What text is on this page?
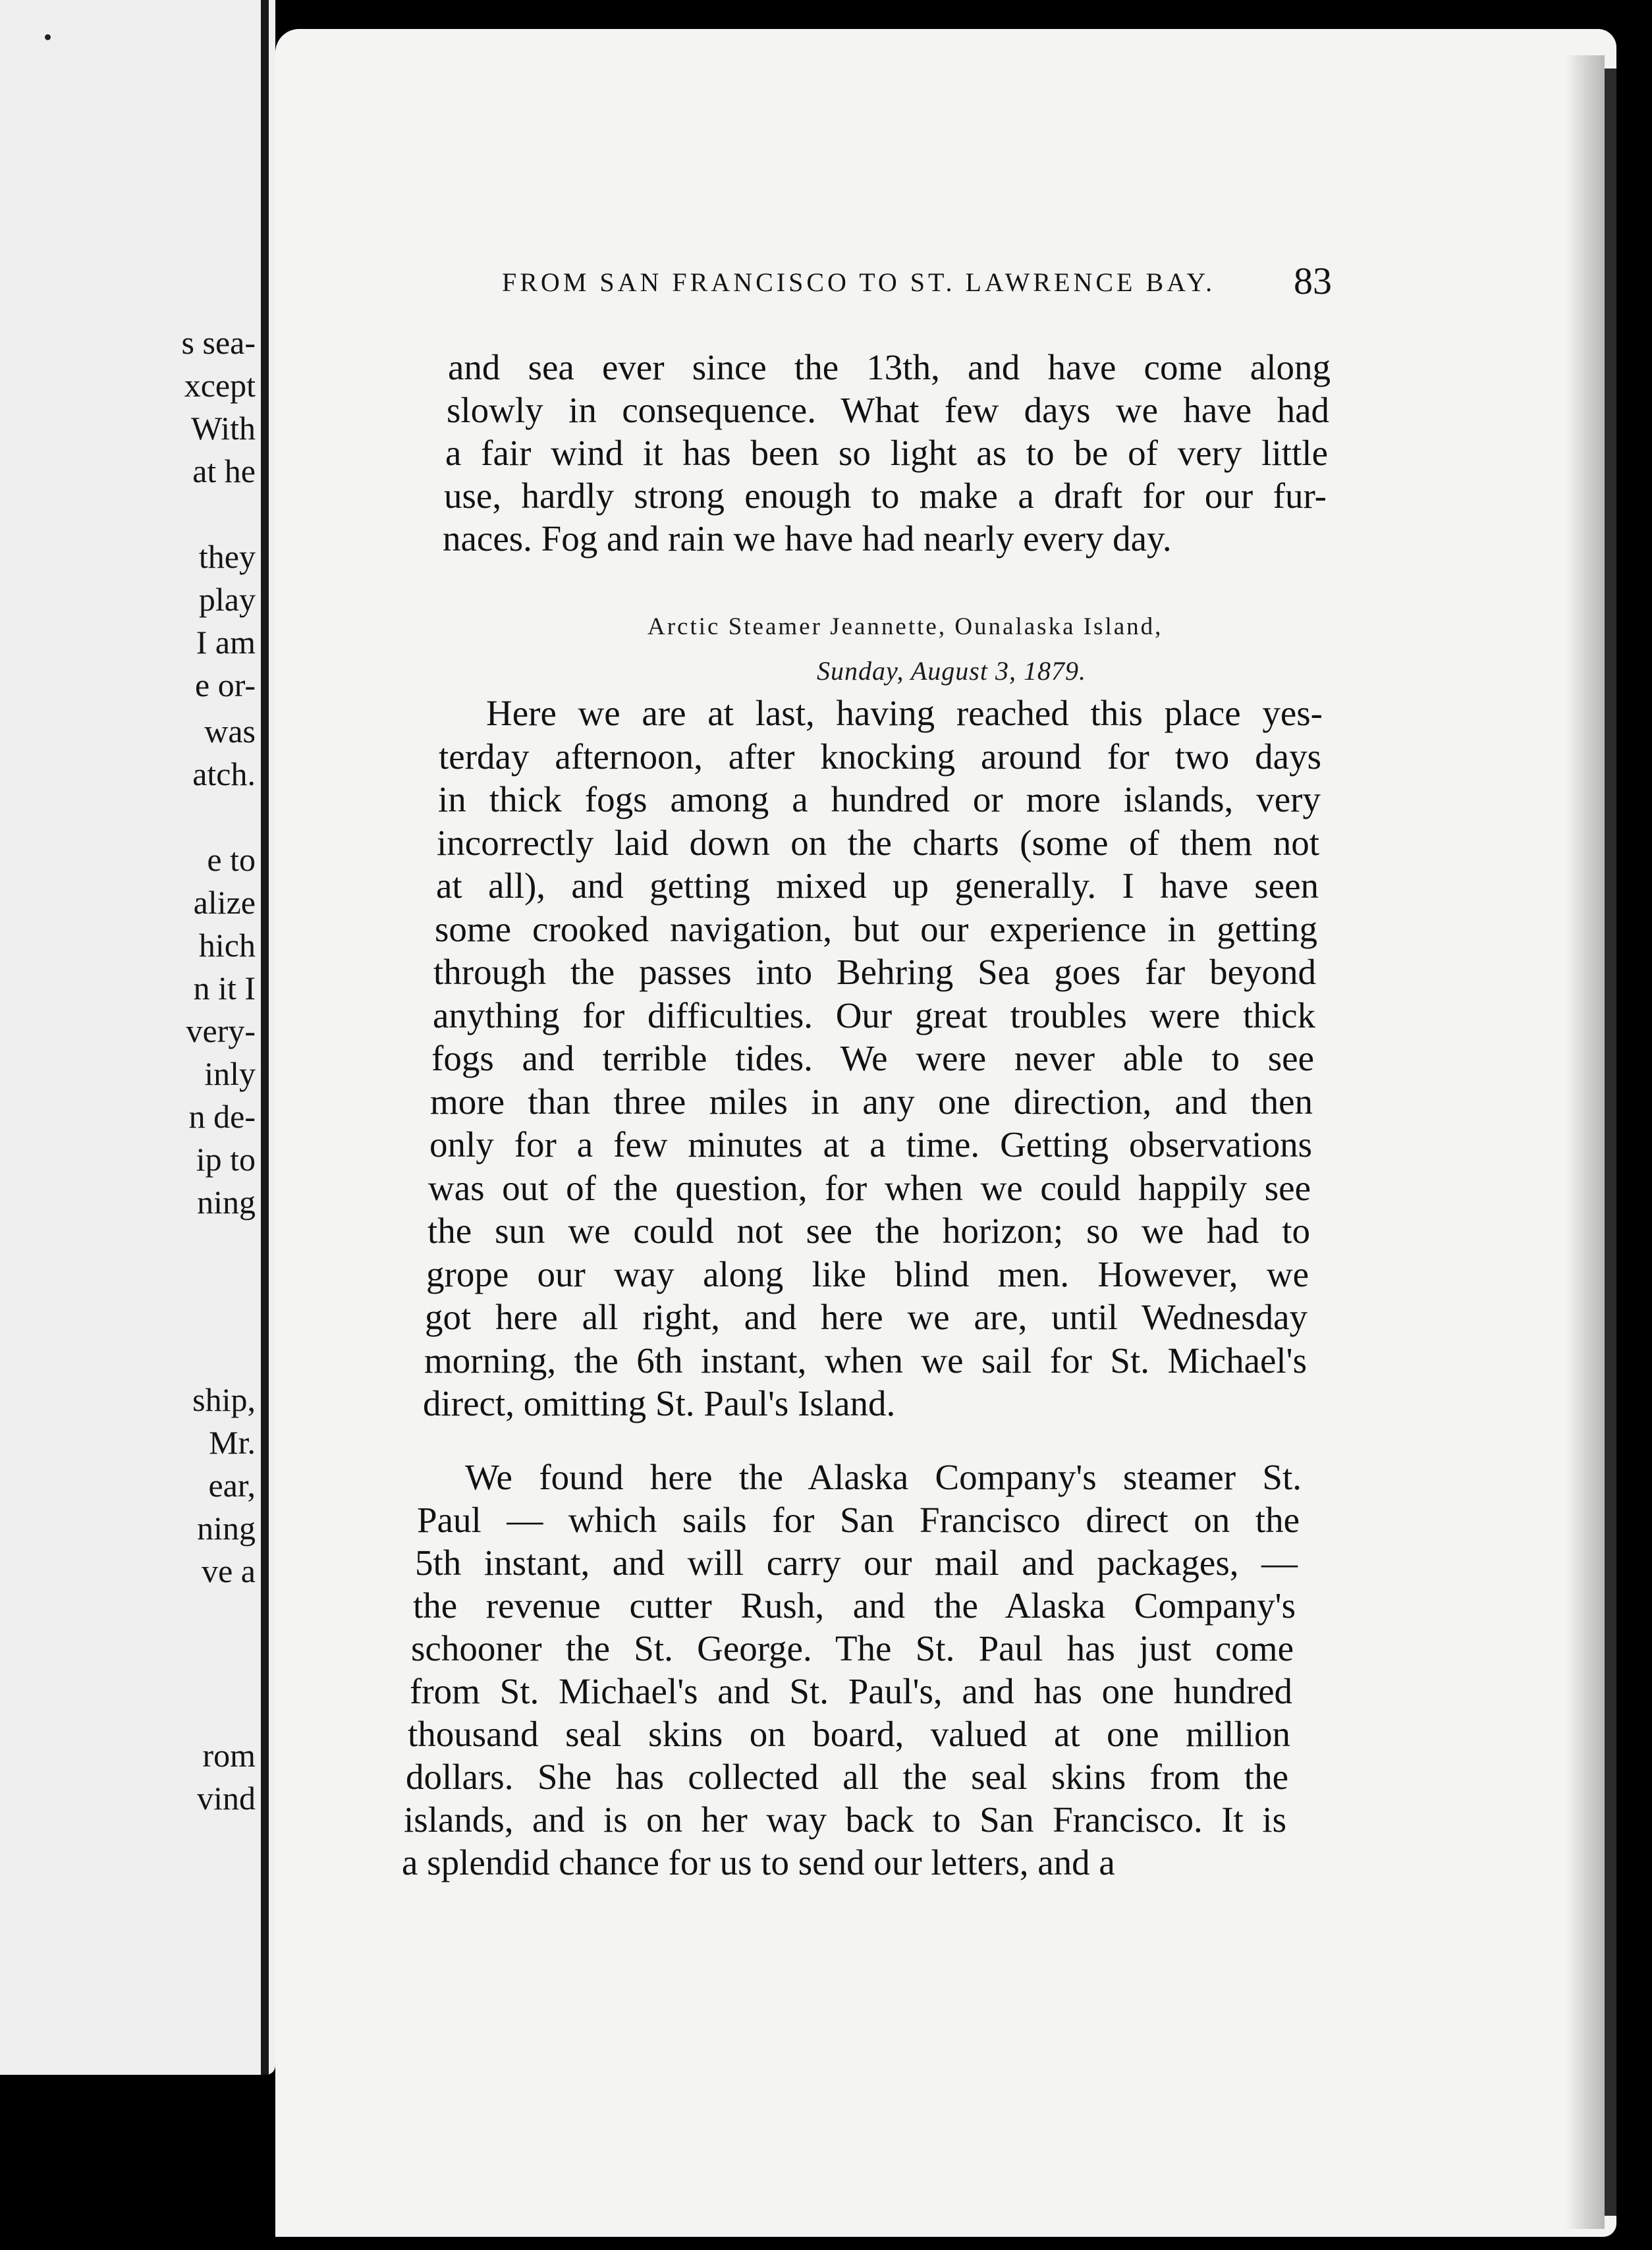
s sea-
xcept
With
at he
they
play
I am
e or-
was
atch.
e to
alize
hich
n it I
very-
inly
n de-
ip to
ning
ship,
Mr.
ear,
ning
ve a
rom
vind
FROM SAN FRANCISCO TO ST. LAWRENCE BAY. 83
and sea ever since the 13th, and have come along
slowly in consequence. What few days we have had
a fair wind it has been so light as to be of very little
use, hardly strong enough to make a draft for our fur-
naces. Fog and rain we have had nearly every day.
Arctic Steamer Jeannette, Ounalaska Island,
Sunday, August 3, 1879.
Here we are at last, having reached this place yes-
terday afternoon, after knocking around for two days
in thick fogs among a hundred or more islands, very
incorrectly laid down on the charts (some of them not
at all), and getting mixed up generally. I have seen
some crooked navigation, but our experience in getting
through the passes into Behring Sea goes far beyond
anything for difficulties. Our great troubles were thick
fogs and terrible tides. We were never able to see
more than three miles in any one direction, and then
only for a few minutes at a time. Getting observations
was out of the question, for when we could happily see
the sun we could not see the horizon; so we had to
grope our way along like blind men. However, we
got here all right, and here we are, until Wednesday
morning, the 6th instant, when we sail for St. Michael's
direct, omitting St. Paul's Island.
We found here the Alaska Company's steamer St.
Paul — which sails for San Francisco direct on the
5th instant, and will carry our mail and packages, —
the revenue cutter Rush, and the Alaska Company's
schooner the St. George. The St. Paul has just come
from St. Michael's and St. Paul's, and has one hundred
thousand seal skins on board, valued at one million
dollars. She has collected all the seal skins from the
islands, and is on her way back to San Francisco. It is
a splendid chance for us to send our letters, and a
